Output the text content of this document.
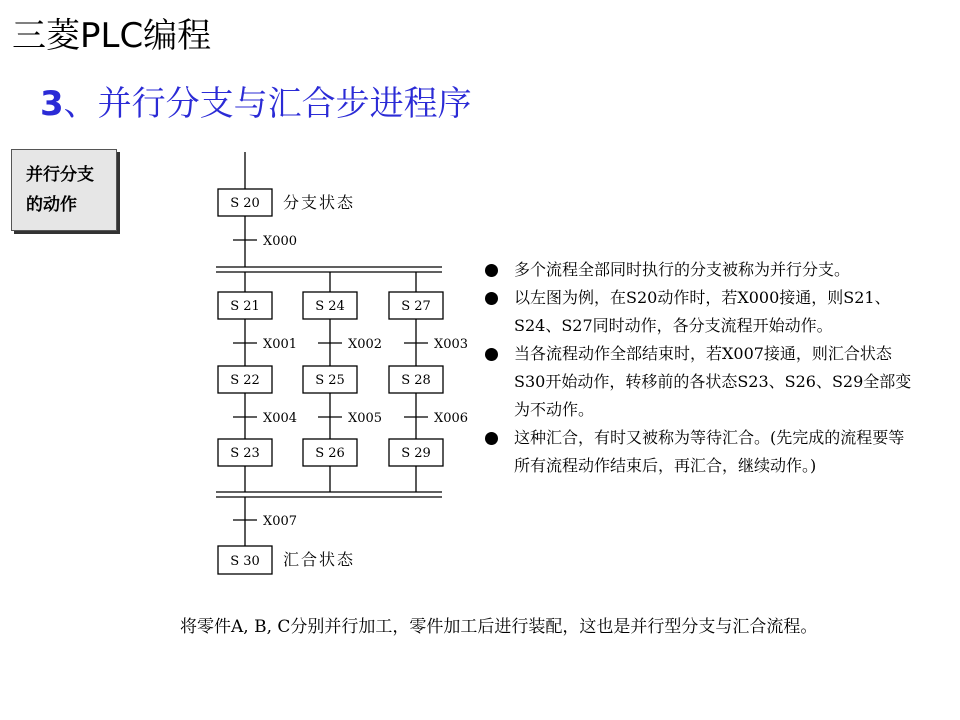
三菱PLC编程
3、并行分支与汇合步进程序
并行分支
的动作	S 20
S 21	S 24	S 27
S 22	S 25	S 28
S 23	S 26	S 29
S 30
X000
X001	X002	X003
X004	X005	X006
X007
分支状态
汇合状态
多个流程全部同时执行的分支被称为并行分支。
以左图为例，在S20动作时，若X000接通，则S21、S24、S27同时动作，各分支流程开始动作。
当各流程动作全部结束时，若X007接通，则汇合状态S30开始动作，转移前的各状态S23、S26、S29全部变为不动作。
这种汇合，有时又被称为等待汇合。(先完成的流程要等所有流程动作结束后，再汇合，继续动作。)
将零件A, B, C分别并行加工，零件加工后进行装配，这也是并行型分支与汇合流程。
